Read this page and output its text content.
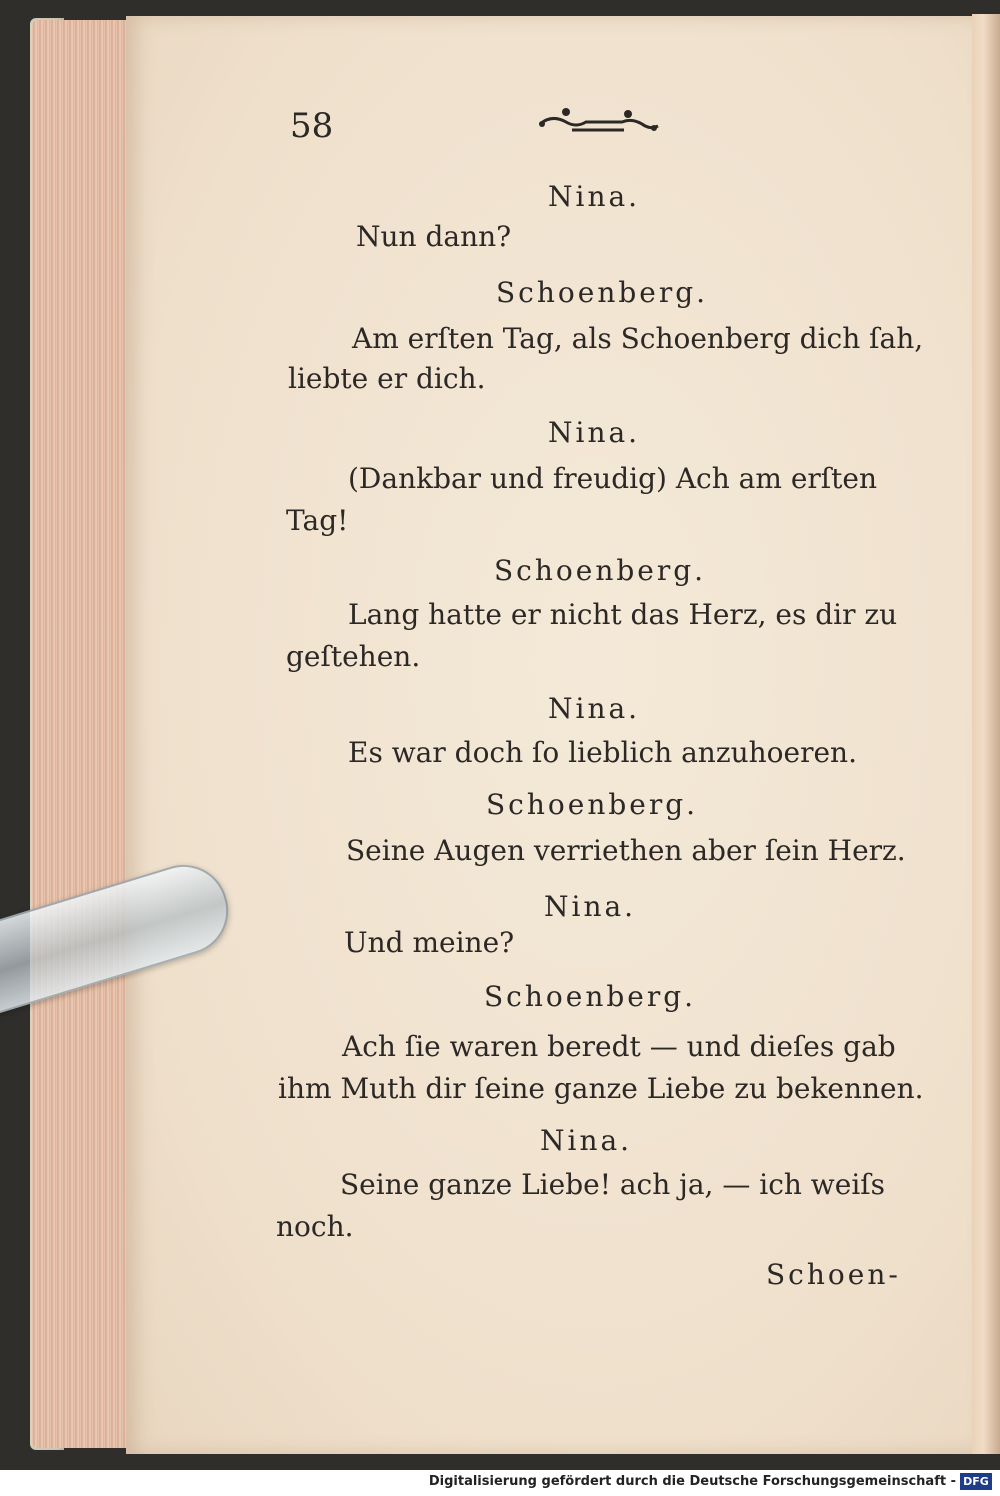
58
Nina.
Nun dann?
Schoenberg.
Am erſten Tag, als Schoenberg dich ſah,
liebte er dich.
Nina.
(Dankbar und freudig) Ach am erſten
Tag!
Schoenberg.
Lang hatte er nicht das Herz, es dir zu
geſtehen.
Nina.
Es war doch ſo lieblich anzuhoeren.
Schoenberg.
Seine Augen verriethen aber ſein Herz.
Nina.
Und meine?
Schoenberg.
Ach ſie waren beredt — und dieſes gab
ihm Muth dir ſeine ganze Liebe zu bekennen.
Nina.
Seine ganze Liebe! ach ja, — ich weiſs
noch.
Schoen-
Digitalisierung gefördert durch die Deutsche Forschungsgemeinschaft - DFG
